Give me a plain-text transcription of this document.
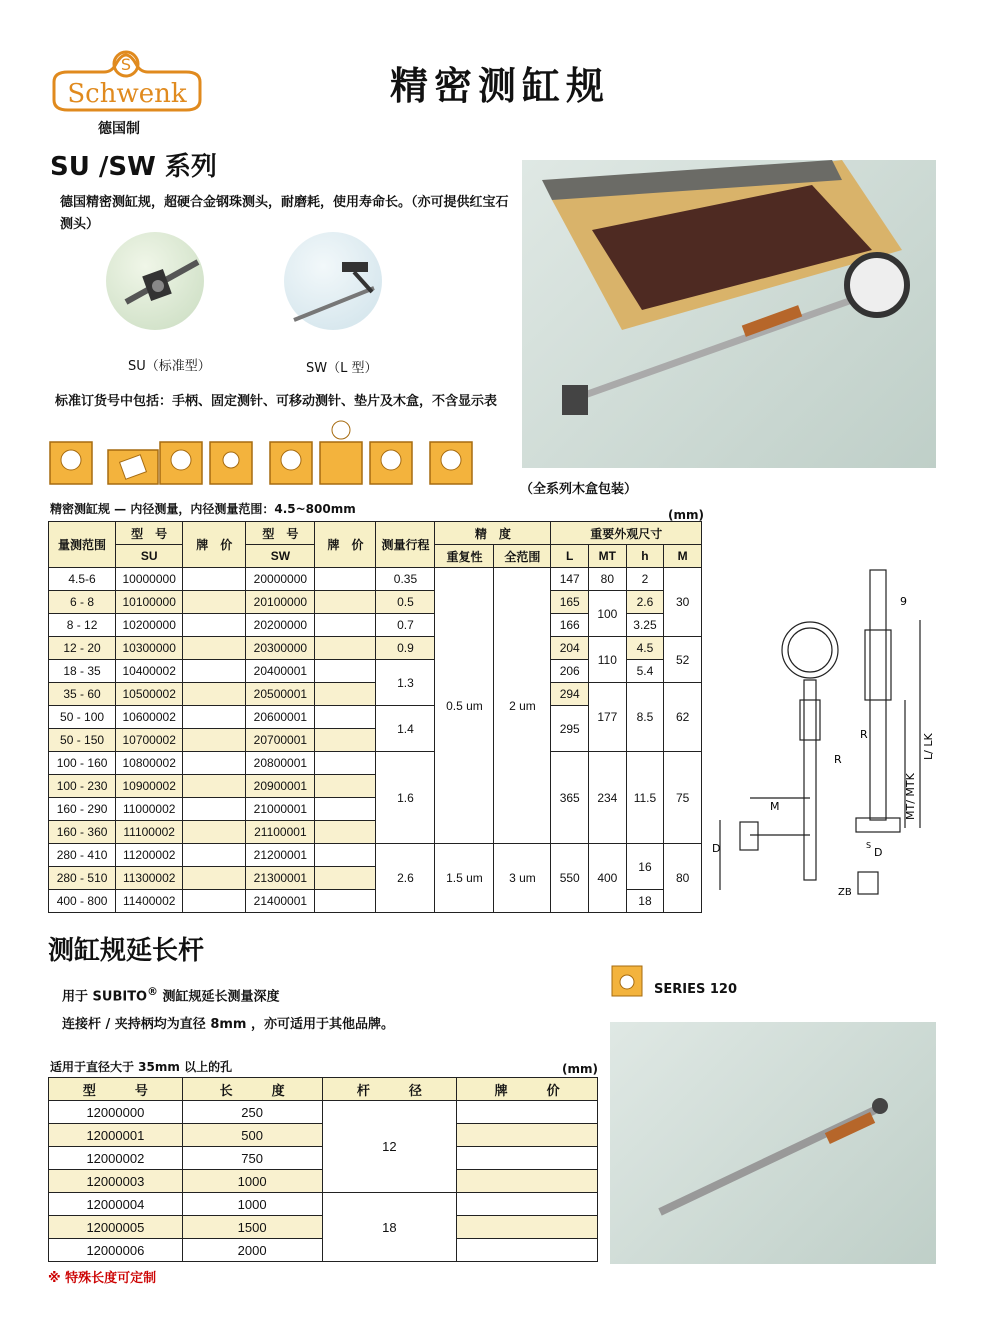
S
Schwenk
德国制
精密测缸规
SU /SW 系列
德国精密测缸规，超硬合金钢珠测头，耐磨耗，使用寿命长。（亦可提供红宝石测头）
SU（标准型）	SW（L 型）
标准订货号中包括：手柄、固定测针、可移动测针、垫片及木盒，不含显示表
（全系列木盒包装）
精密测缸规 — 内径测量，内径测量范围：4.5~800mm	(mm)
量测范围	型　号	牌　价	型　号	牌　价	测量行程	精　度		重要外观尺寸			
	SU		SW			重复性	全范围	L	MT	h	M
4.5-6	10000000		20000000		0.35	0.5 um	2 um	147	80	2	30
6 - 8	10100000		20100000		0.5			165	100	2.6	
8 - 12	10200000		20200000		0.7			166		3.25	
12 - 20	10300000		20300000		0.9			204	110	4.5	52
18 - 35	10400002		20400001		1.3			206		5.4	
35 - 60	10500002		20500001					294	177	8.5	62
50 - 100	10600002		20600001		1.4			295			
50 - 150	10700002		20700001								
100 - 160	10800002		20800001		1.6			365	234	11.5	75
100 - 230	10900002		20900001								
160 - 290	11000002		21000001								
160 - 360	11100002		21100001								
280 - 410	11200002		21200001		2.6	1.5 um	3 um	550	400	16	80
280 - 510	11300002		21300001								
400 - 800	11400002		21400001							18	
9
R
R
M
D	D
S
ZB
MT/ MTK
L/ LK
测缸规延长杆
用于 SUBITO® 测缸规延长测量深度
连接杆 / 夹持柄均为直径 8mm ，亦可适用于其他品牌。
SERIES 120
适用于直径大于 35mm 以上的孔	(mm)
型　　　号	长　　　度	杆　　　径	牌　　　价
12000000	250	12	
12000001	500		
12000002	750		
12000003	1000		
12000004	1000	18	
12000005	1500		
12000006	2000		
※ 特殊长度可定制
